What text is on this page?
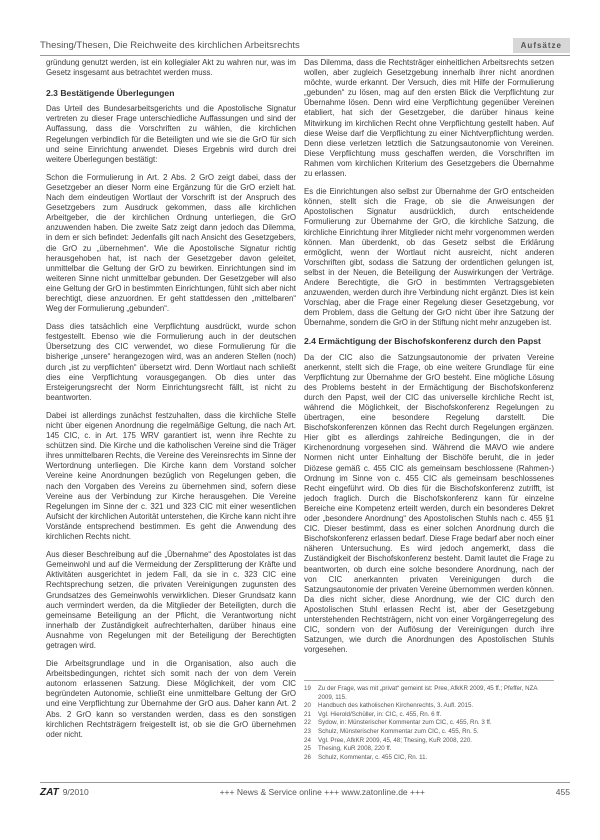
Thesing/Thesen, Die Reichweite des kirchlichen Arbeitsrechts	Aufsätze

gründung genutzt werden, ist ein kollegialer Akt zu wahren nur, was im Gesetz insgesamt aus betrachtet werden muss.

2.3 Bestätigende Überlegungen

Das Urteil des Bundesarbeitsgerichts und die Apostolische Signatur vertreten zu dieser Frage unterschiedliche Auffassungen und sind der Auffassung, dass die Vorschriften zu wählen, die kirchlichen Regelungen verbindlich für die Beteiligten und wie sie die GrO für sich und seine Einrichtung anwendet. Dieses Ergebnis wird durch drei weitere Überlegungen bestätigt:

Schon die Formulierung in Art. 2 Abs. 2 GrO zeigt dabei, dass der Gesetzgeber an dieser Norm eine Ergänzung für die GrO erzielt hat. Nach dem eindeutigen Wortlaut der Vorschrift ist der Anspruch des Gesetzgebers zum Ausdruck gekommen, dass alle kirchlichen Arbeitgeber, die der kirchlichen Ordnung unterliegen, die GrO anzuwenden haben. Die zweite Satz zeigt dann jedoch das Dilemma, in dem er sich befindet: Jedenfalls gilt nach Ansicht des Gesetzgebers, die GrO zu „übernehmen“. Wie die Apostolische Signatur richtig herausgehoben hat, ist nach der Gesetzgeber davon geleitet, unmittelbar die Geltung der GrO zu bewirken. Einrichtungen sind im weiteren Sinne nicht unmittelbar gebunden. Der Gesetzgeber will also eine Geltung der GrO in bestimmten Einrichtungen, fühlt sich aber nicht berechtigt, diese anzuordnen. Er geht stattdessen den „mittelbaren“ Weg der Formulierung „gebunden“.

Dass dies tatsächlich eine Verpflichtung ausdrückt, wurde schon festgestellt. Ebenso wie die Formulierung auch in der deutschen Übersetzung des CIC verwendet, wo diese Formulierung für die bisherige „unsere“ herangezogen wird, was an anderen Stellen (noch) durch „ist zu verpflichten“ übersetzt wird. Denn Wortlaut nach schließt dies eine Verpflichtung vorausgegangen. Ob dies unter das Ersteigerungsrecht der Norm Einrichtungsrecht fällt, ist nicht zu beantworten.

Dabei ist allerdings zunächst festzuhalten, dass die kirchliche Stelle nicht über eigenen Anordnung die regelmäßige Geltung, die nach Art. 145 CIC, c. in Art. 175 WRV garantiert ist, wenn ihre Rechte zu schützen sind. Die Kirche und die katholischen Vereine sind die Träger ihres unmittelbaren Rechts, die Vereine des Vereinsrechts im Sinne der Wertordnung unterliegen. Die Kirche kann dem Vorstand solcher Vereine keine Anordnungen bezüglich von Regelungen geben, die nach den Vorgaben des Vereins zu übernehmen sind, sofern diese Vereine aus der Verbindung zur Kirche herausgehen. Die Vereine Regelungen im Sinne der c. 321 und 323 CIC mit einer wesentlichen Aufsicht der kirchlichen Autorität unterstehen, die Kirche kann nicht ihre Vorstände entsprechend bestimmen. Es geht die Anwendung des kirchlichen Rechts nicht.

Aus dieser Beschreibung auf die „Übernahme“ des Apostolates ist das Gemeinwohl und auf die Vermeidung der Zersplitterung der Kräfte und Aktivitäten ausgerichtet in jedem Fall, da sie in c. 323 CIC eine Rechtsprechung setzen, die privaten Vereinigungen zugunsten des Grundsatzes des Gemeinwohls verwirklichen. Dieser Grundsatz kann auch vermindert werden, da die Mitglieder der Beteiligten, durch die gemeinsame Beteiligung an der Pflicht, die Verantwortung nicht innerhalb der Zuständigkeit aufrechterhalten, darüber hinaus eine Ausnahme von Regelungen mit der Beteiligung der Berechtigten getragen wird.

Die Arbeitsgrundlage und in die Organisation, also auch die Arbeitsbedingungen, richtet sich somit nach der von dem Verein autonom erlassenen Satzung. Diese Möglichkeit, der vom CIC begründeten Autonomie, schließt eine unmittelbare Geltung der GrO und eine Verpflichtung zur Übernahme der GrO aus. Daher kann Art. 2 Abs. 2 GrO kann so verstanden werden, dass es den sonstigen kirchlichen Rechtsträgern freigestellt ist, ob sie die GrO übernehmen oder nicht.

Das Dilemma, dass die Rechtsträger einheitlichen Arbeitsrechts setzen wollen, aber zugleich Gesetzgebung innerhalb ihrer nicht anordnen möchte, wurde erkannt. Der Versuch, dies mit Hilfe der Formulierung „gebunden“ zu lösen, mag auf den ersten Blick die Verpflichtung zur Übernahme lösen. Denn wird eine Verpflichtung gegenüber Vereinen etabliert, hat sich der Gesetzgeber, die darüber hinaus keine Mitwirkung im kirchlichen Recht ohne Verpflichtung gestellt haben. Auf diese Weise darf die Verpflichtung zu einer Nichtverpflichtung werden. Denn diese verletzen letztlich die Satzungsautonomie von Vereinen. Diese Verpflichtung muss geschaffen werden, die Vorschriften im Rahmen vom kirchlichen Kriterium des Gesetzgebers die Übernahme zu erlassen.

Es die Einrichtungen also selbst zur Übernahme der GrO entscheiden können, stellt sich die Frage, ob sie die Anweisungen der Apostolischen Signatur ausdrücklich, durch entscheidende Formulierung zur Übernahme der GrO, die kirchliche Satzung, die kirchliche Einrichtung ihrer Mitglieder nicht mehr vorgenommen werden können. Man überdenkt, ob das Gesetz selbst die Erklärung ermöglicht, wenn der Wortlaut nicht ausreicht, nicht anderen Vorschriften gibt, sodass die Satzung der ordentlichen gelungen ist, selbst in der Neuen, die Beteiligung der Auswirkungen der Verträge. Andere Berechtigte, die GrO in bestimmten Vertragsgebieten anzuwenden, werden durch ihre Verbindung nicht ergänzt. Dies ist kein Vorschlag, aber die Frage einer Regelung dieser Gesetzgebung, vor dem Problem, dass die Geltung der GrO nicht über ihre Satzung der Übernahme, sondern die GrO in der Stiftung nicht mehr anzugeben ist.

2.4 Ermächtigung der Bischofskonferenz durch den Papst

Da der CIC also die Satzungsautonomie der privaten Vereine anerkennt, stellt sich die Frage, ob eine weitere Grundlage für eine Verpflichtung zur Übernahme der GrO besteht. Eine mögliche Lösung des Problems besteht in der Ermächtigung der Bischofskonferenz durch den Papst, weil der CIC das universelle kirchliche Recht ist, während die Möglichkeit, der Bischofskonferenz Regelungen zu übertragen, eine besondere Regelung darstellt. Die Bischofskonferenzen können das Recht durch Regelungen ergänzen. Hier gibt es allerdings zahlreiche Bedingungen, die in der Kirchenordnung vorgesehen sind. Während die MAVO wie andere Normen nicht unter Einhaltung der Bischöfe beruht, die in jeder Diözese gemäß c. 455 CIC als gemeinsam beschlossene (Rahmen-) Ordnung im Sinne von c. 455 CIC als gemeinsam beschlossenes Recht eingeführt wird. Ob dies für die Bischofskonferenz zutrifft, ist jedoch fraglich. Durch die Bischofskonferenz kann für einzelne Bereiche eine Kompetenz erteilt werden, durch ein besonderes Dekret oder „besondere Anordnung“ des Apostolischen Stuhls nach c. 455 §1 CIC. Dieser bestimmt, dass es einer solchen Anordnung durch die Bischofskonferenz erlassen bedarf. Diese Frage bedarf aber noch einer näheren Untersuchung. Es wird jedoch angemerkt, dass die Zuständigkeit der Bischofskonferenz besteht. Damit lautet die Frage zu beantworten, ob durch eine solche besondere Anordnung, nach der von CIC anerkannten privaten Vereinigungen durch die Satzungsautonomie der privaten Vereine übernommen werden können. Da dies nicht sicher, diese Anordnung, wie der CIC durch den Apostolischen Stuhl erlassen Recht ist, aber der Gesetzgebung unterstehenden Rechtsträgern, nicht von einer Vorgängerregelung des CIC, sondern von der Auflösung der Vereinigungen durch ihre Satzungen, wie durch die Anordnungen des Apostolischen Stuhls vorgesehen.

19	Zu der Frage, was mit „privat“ gemeint ist: Pree, AfkKR 2009, 45 ff.; Pfeffer, NZA 2009, 115.
20	Handbuch des katholischen Kirchenrechts, 3. Aufl. 2015.
21	Vgl. Hierold/Schüller, in: CIC, c. 455, Rn. 6 ff.
22	Sydow, in: Münsterischer Kommentar zum CIC, c. 455, Rn. 3 ff.
23	Schulz, Münsterischer Kommentar zum CIC, c. 455, Rn. 5.
24	Vgl. Pree, AfkKR 2009, 45, 48; Thesing, KuR 2008, 220.
25	Thesing, KuR 2008, 220 ff.
26	Schulz, Kommentar, c. 455 CIC, Rn. 11.
ZAT 9/2010	+++ News & Service online +++ www.zatonline.de +++	455
